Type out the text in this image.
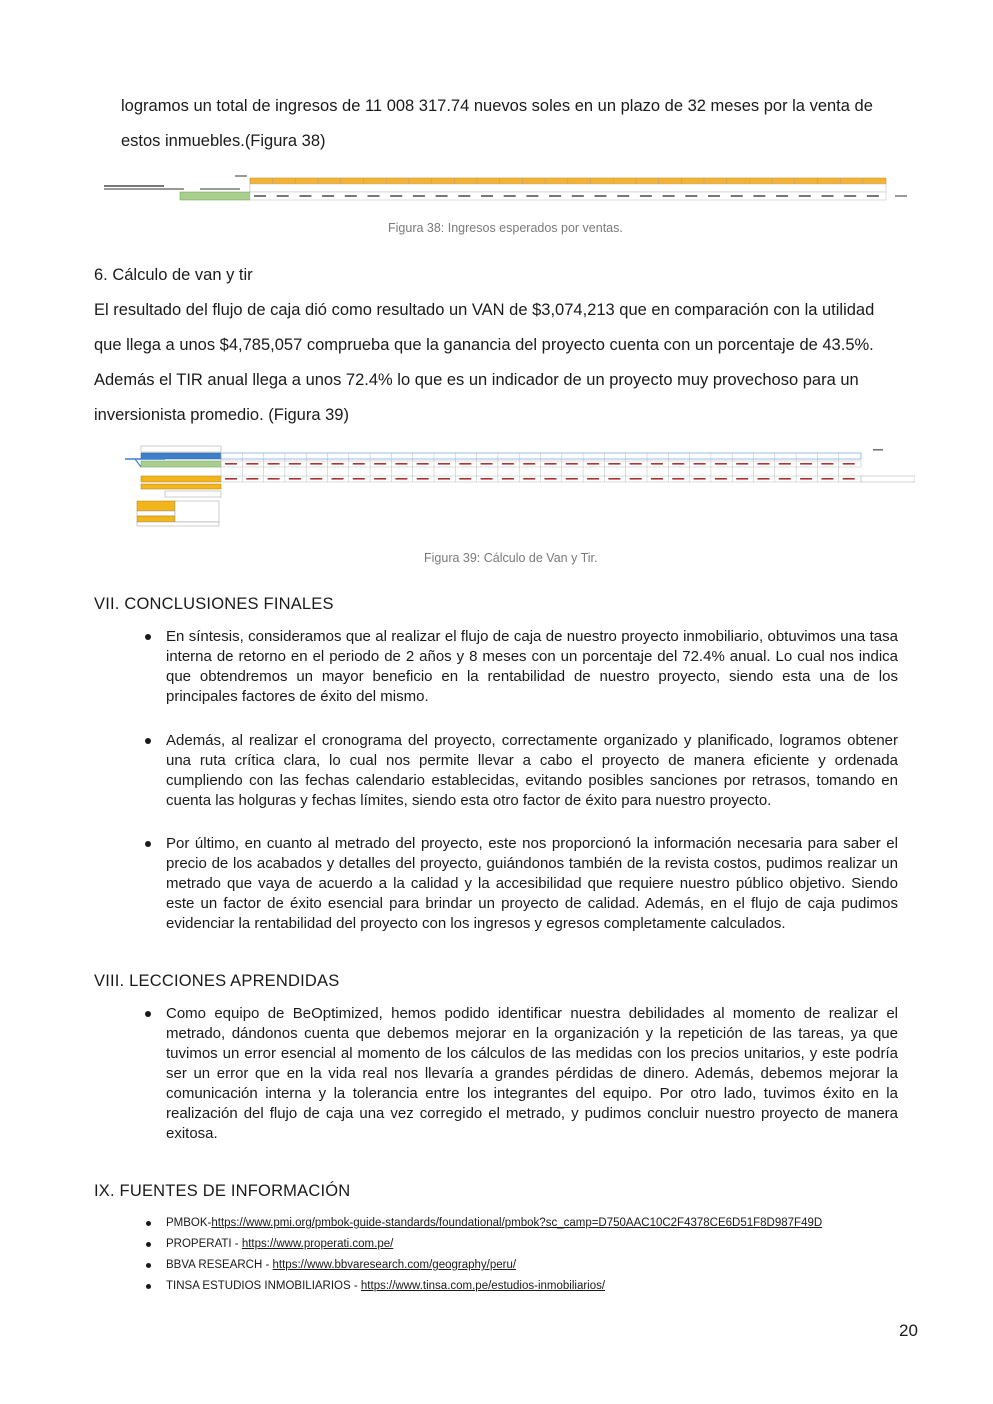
logramos un total de ingresos de 11 008 317.74 nuevos soles en un plazo de 32 meses por la venta de
estos inmuebles.(Figura 38)
Figura 38: Ingresos esperados por ventas.
6. Cálculo de van y tir
El resultado del flujo de caja dió como resultado un VAN de $3,074,213 que en comparación con la utilidad
que llega a unos $4,785,057 comprueba que la ganancia del proyecto cuenta con un porcentaje de 43.5%.
Además el TIR anual llega a unos 72.4% lo que es un indicador de un proyecto muy provechoso para un
inversionista promedio. (Figura 39)
Figura 39: Cálculo de Van y Tir.
VII. CONCLUSIONES FINALES
En síntesis, consideramos que al realizar el flujo de caja de nuestro proyecto inmobiliario, obtuvimos una tasa interna de retorno en el periodo de 2 años y 8 meses con un porcentaje del 72.4% anual. Lo cual nos indica que obtendremos un mayor beneficio en la rentabilidad de nuestro proyecto, siendo esta una de los principales factores de éxito del mismo.
Además, al realizar el cronograma del proyecto, correctamente organizado y planificado, logramos obtener una ruta crítica clara, lo cual nos permite llevar a cabo el proyecto de manera eficiente y ordenada cumpliendo con las fechas calendario establecidas, evitando posibles sanciones por retrasos, tomando en cuenta las holguras y fechas límites, siendo esta otro factor de éxito para nuestro proyecto.
Por último, en cuanto al metrado del proyecto, este nos proporcionó la información necesaria para saber el precio de los acabados y detalles del proyecto, guiándonos también de la revista costos, pudimos realizar un metrado que vaya de acuerdo a la calidad y la accesibilidad que requiere nuestro público objetivo. Siendo este un factor de éxito esencial para brindar un proyecto de calidad. Además, en el flujo de caja pudimos evidenciar la rentabilidad del proyecto con los ingresos y egresos completamente calculados.
VIII. LECCIONES APRENDIDAS
Como equipo de BeOptimized, hemos podido identificar nuestra debilidades al momento de realizar el metrado, dándonos cuenta que debemos mejorar en la organización y la repetición de las tareas, ya que tuvimos un error esencial al momento de los cálculos de las medidas con los precios unitarios, y este podría ser un error que en la vida real nos llevaría a grandes pérdidas de dinero. Además, debemos mejorar la comunicación interna y la tolerancia entre los integrantes del equipo. Por otro lado, tuvimos éxito en la realización del flujo de caja una vez corregido el metrado, y pudimos concluir nuestro proyecto de manera exitosa.
IX. FUENTES DE INFORMACIÓN
PMBOK-https://www.pmi.org/pmbok-guide-standards/foundational/pmbok?sc_camp=D750AAC10C2F4378CE6D51F8D987F49D
PROPERATI - https://www.properati.com.pe/
BBVA RESEARCH - https://www.bbvaresearch.com/geography/peru/
TINSA ESTUDIOS INMOBILIARIOS - https://www.tinsa.com.pe/estudios-inmobiliarios/
20
